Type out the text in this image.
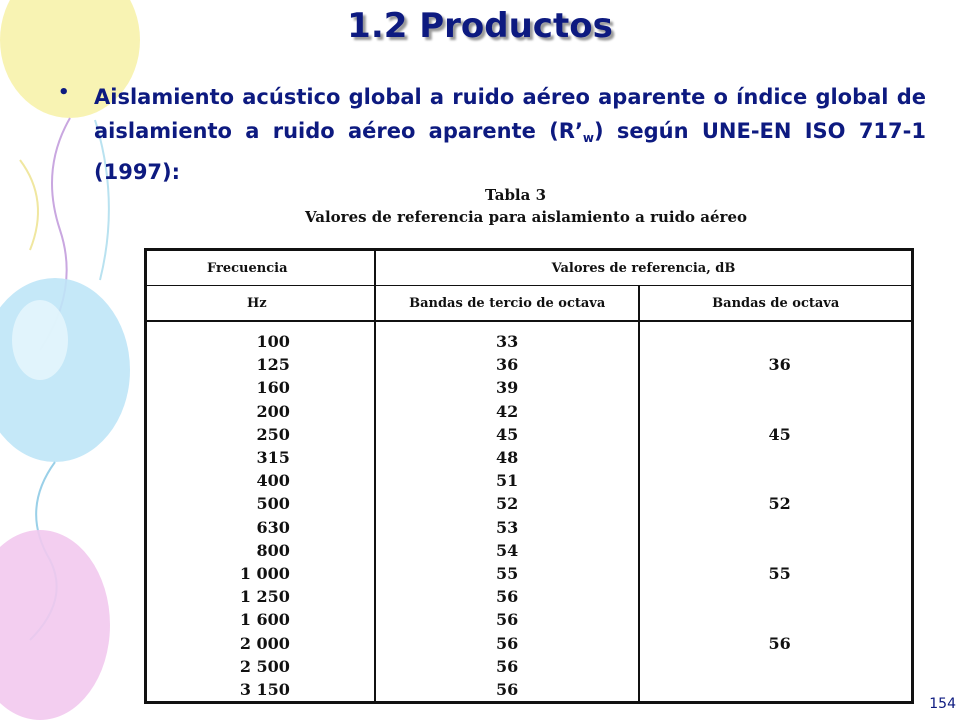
1.2 Productos
• Aislamiento acústico global a ruido aéreo aparente o índice global de aislamiento a ruido aéreo aparente $(R’_w)$ según UNE-EN ISO 717-1 (1997):
Tabla 3
Valores de referencia para aislamiento a ruido aéreo
Frecuencia	Valores de referencia, dB	
Hz	Bandas de tercio de octava	Bandas de octava
100	33	
125	36	36
160	39	
200	42	
250	45	45
315	48	
400	51	
500	52	52
630	53	
800	54	
1 000	55	55
1 250	56	
1 600	56	
2 000	56	56
2 500	56	
3 150	56	
154
